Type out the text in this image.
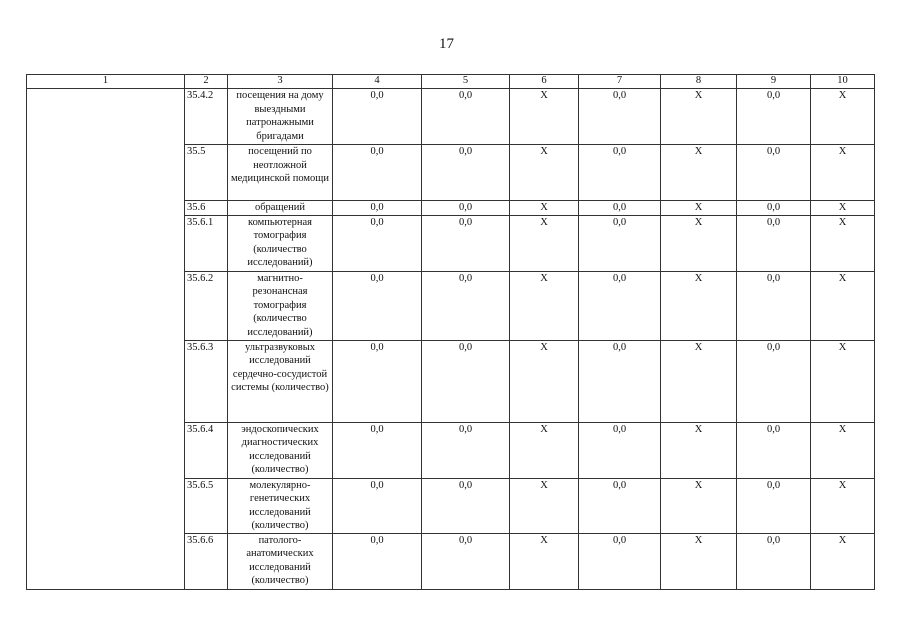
17
1	2	3	4	5	6	7	8	9	10
	35.4.2	посещения на дому выездными патронажными бригадами	0,0	0,0	X	0,0	X	0,0	X
	35.5	посещений по неотложной медицинской помощи	0,0	0,0	X	0,0	X	0,0	X
	35.6	обращений	0,0	0,0	X	0,0	X	0,0	X
	35.6.1	компьютерная томография (количество исследований)	0,0	0,0	X	0,0	X	0,0	X
	35.6.2	магнитно-резонансная томография (количество исследований)	0,0	0,0	X	0,0	X	0,0	X
	35.6.3	ультразвуковых исследований сердечно-сосудистой системы (количество)	0,0	0,0	X	0,0	X	0,0	X
	35.6.4	эндоскопических диагностических исследований (количество)	0,0	0,0	X	0,0	X	0,0	X
	35.6.5	молекулярно-генетических исследований (количество)	0,0	0,0	X	0,0	X	0,0	X
	35.6.6	патолого-анатомических исследований (количество)	0,0	0,0	X	0,0	X	0,0	X
